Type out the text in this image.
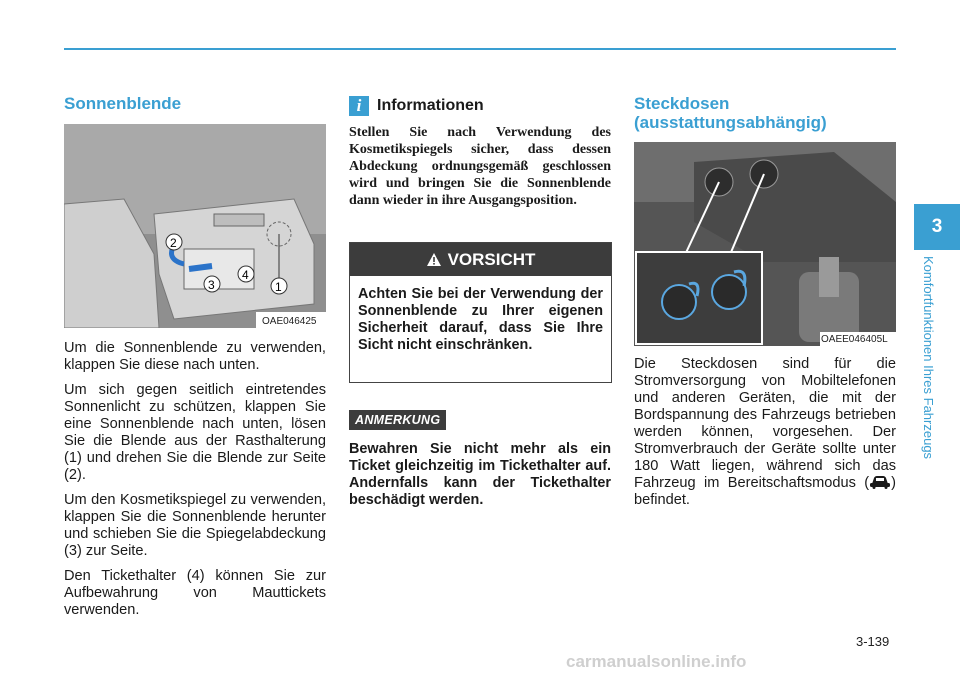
Sonnenblende
2
3
4
1
OAE046425

Um die Sonnenblende zu verwenden, klappen Sie diese nach unten.

Um sich gegen seitlich eintretendes Sonnenlicht zu schützen, klappen Sie eine Sonnenblende nach unten, lösen Sie die Blende aus der Rasthalterung (1) und drehen Sie die Blende zur Seite (2).

Um den Kosmetikspiegel zu verwenden, klappen Sie die Sonnenblende herunter und schieben Sie die Spiegelabdeckung (3) zur Seite.

Den Tickethalter (4) können Sie zur Aufbewahrung von Mauttickets verwenden.

i Informationen
Stellen Sie nach Verwendung des Kosmetikspiegels sicher, dass dessen Abdeckung ordnungsgemäß geschlossen wird und bringen Sie die Sonnenblende dann wieder in ihre Ausgangsposition.
VORSICHT
Achten Sie bei der Verwendung der Sonnenblende zu Ihrer eigenen Sicherheit darauf, dass Sie Ihre Sicht nicht einschränken.
ANMERKUNG
Bewahren Sie nicht mehr als ein Ticket gleichzeitig im Tickethalter auf. Andernfalls kann der Tickethalter beschädigt werden.
Steckdosen
(ausstattungsabhängig)
OAEE046405L
Die Steckdosen sind für die Stromversorgung von Mobiltelefonen und anderen Geräten, die mit der Bordspannung des Fahrzeugs betrieben werden können, vorgesehen. Der Stromverbrauch der Geräte sollte unter 180 Watt liegen, während sich das Fahrzeug im Bereitschaftsmodus ( ) befindet.
3
Komfortfunktionen Ihres Fahrzeugs
3-139
carmanualsonline.info
